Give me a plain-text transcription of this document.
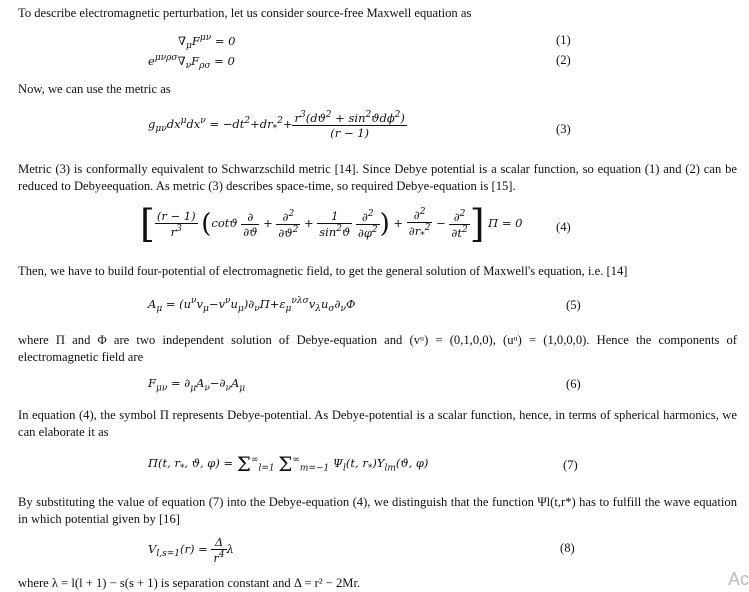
To describe electromagnetic perturbation, let us consider source-free Maxwell equation as
$\nabla_\mu F^{\mu\nu} = 0$	(1)
$e^{\mu\nu\rho\sigma}\nabla_\nu F_{\rho\sigma} = 0$	(2)
Now, we can use the metric as
$g_{\mu\nu}dx^\mu dx^\nu = -dt^2+dr_*^2+ \frac{r^3(dϑ^2 + \sin^2ϑd\phi^2)}{(r - 1)}$	(3)
Metric (3) is conformally equivalent to Schwarzschild metric [14]. Since Debye potential is a scalar function, so equation (1) and (2) can be reduced to Debyeequation. As metric (3) describes space-time, so required Debye-equation is [15].
[ $\frac{(r - 1)}{r^3} (\cot ϑ \frac{\partial}{\partial ϑ} + \frac{\partial^2}{\partial ϑ^2} + \frac{1}{\sin^2ϑ}$
$\frac{\partial^2}{\partial\varphi^2}$ ) + $\frac{\partial^2}{\partial r_*^2} - \frac{\partial^2}{\partial t^2}$ ] Π = 0	(4)
Then, we have to build four-potential of electromagnetic field, to get the general solution of Maxwell's equation, i.e. [14]
$A_\mu = (u^\nu v_\mu-v^\nu u_\mu)\partial_\nu\Pi+\varepsilon_\mu^{\nu\lambda\sigma}v_\lambda u_\sigma\partial_\nu\Phi$	(5)
where Π and Φ are two independent solution of Debye-equation and (vᵘ) = (0,1,0,0), (uᵘ) = (1,0,0,0). Hence the components of electromagnetic field are
$F_{\mu\nu} = \partial_\mu A_\nu-\partial_\nu A_\mu$	(6)
In equation (4), the symbol Π represents Debye-potential. As Debye-potential is a scalar function, hence, in terms of spherical harmonics, we can elaborate it as
Π(t, $r_*$, ϑ, $\varphi) = \Sigma^\infty_{l=1}$ $\Sigma^\infty_{m=-1}$ $\Psi_l(t$, $r_*)Y_{lm}(ϑ$, φ)	(7)
By substituting the value of equation (7) into the Debye-equation (4), we distinguish that the function Ψl(t,r*) has to fulfill the wave equation in which potential given by [16]
$V_{l,s=1}(r) = \frac{\Delta}{r^4}$ λ	(8)
where λ = l(l + 1) − s(s + 1) is separation constant and Δ = r² − 2Mr.	Ac
